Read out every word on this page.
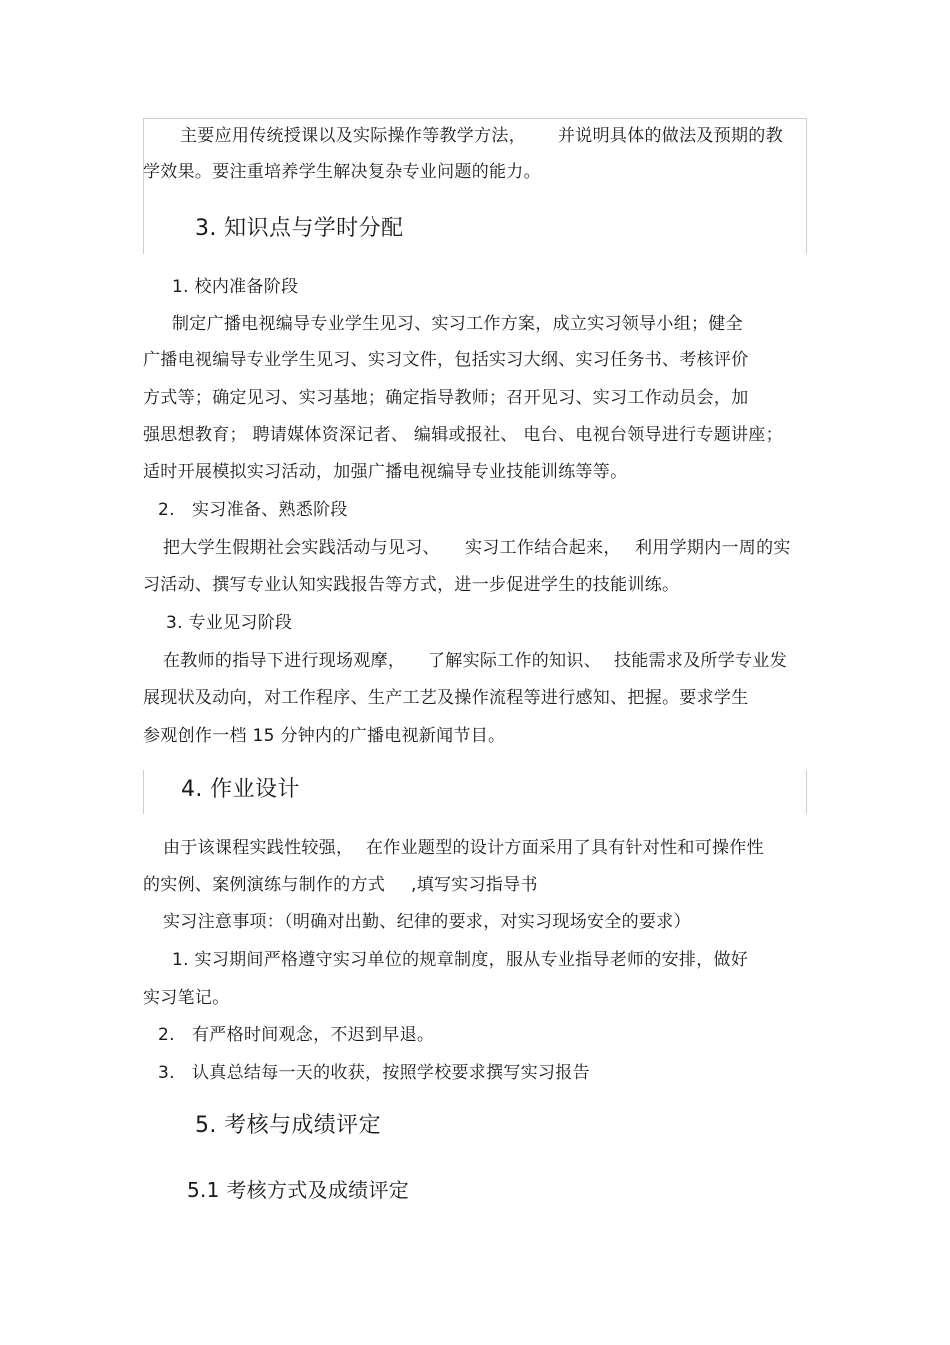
主要应用传统授课以及实际操作等教学方法， 并说明具体的做法及预期的教
学效果。要注重培养学生解决复杂专业问题的能力。
3. 知识点与学时分配
1. 校内准备阶段
制定广播电视编导专业学生见习、实习工作方案，成立实习领导小组；健全
广播电视编导专业学生见习、实习文件，包括实习大纲、实习任务书、考核评价
方式等；确定见习、实习基地；确定指导教师；召开见习、实习工作动员会，加
强思想教育； 聘请媒体资深记者、 编辑或报社、 电台、电视台领导进行专题讲座；
适时开展模拟实习活动，加强广播电视编导专业技能训练等等。
2. 实习准备、熟悉阶段
把大学生假期社会实践活动与见习、 实习工作结合起来， 利用学期内一周的实
习活动、撰写专业认知实践报告等方式，进一步促进学生的技能训练。
3. 专业见习阶段
在教师的指导下进行现场观摩， 了解实际工作的知识、 技能需求及所学专业发
展现状及动向，对工作程序、生产工艺及操作流程等进行感知、把握。要求学生
参观创作一档 15 分钟内的广播电视新闻节目。
4. 作业设计
由于该课程实践性较强， 在作业题型的设计方面采用了具有针对性和可操作性
的实例、案例演练与制作的方式 ,填写实习指导书
实习注意事项：（明确对出勤、纪律的要求，对实习现场安全的要求）
1. 实习期间严格遵守实习单位的规章制度，服从专业指导老师的安排，做好
实习笔记。
2. 有严格时间观念，不迟到早退。
3. 认真总结每一天的收获，按照学校要求撰写实习报告
5. 考核与成绩评定
5.1 考核方式及成绩评定
